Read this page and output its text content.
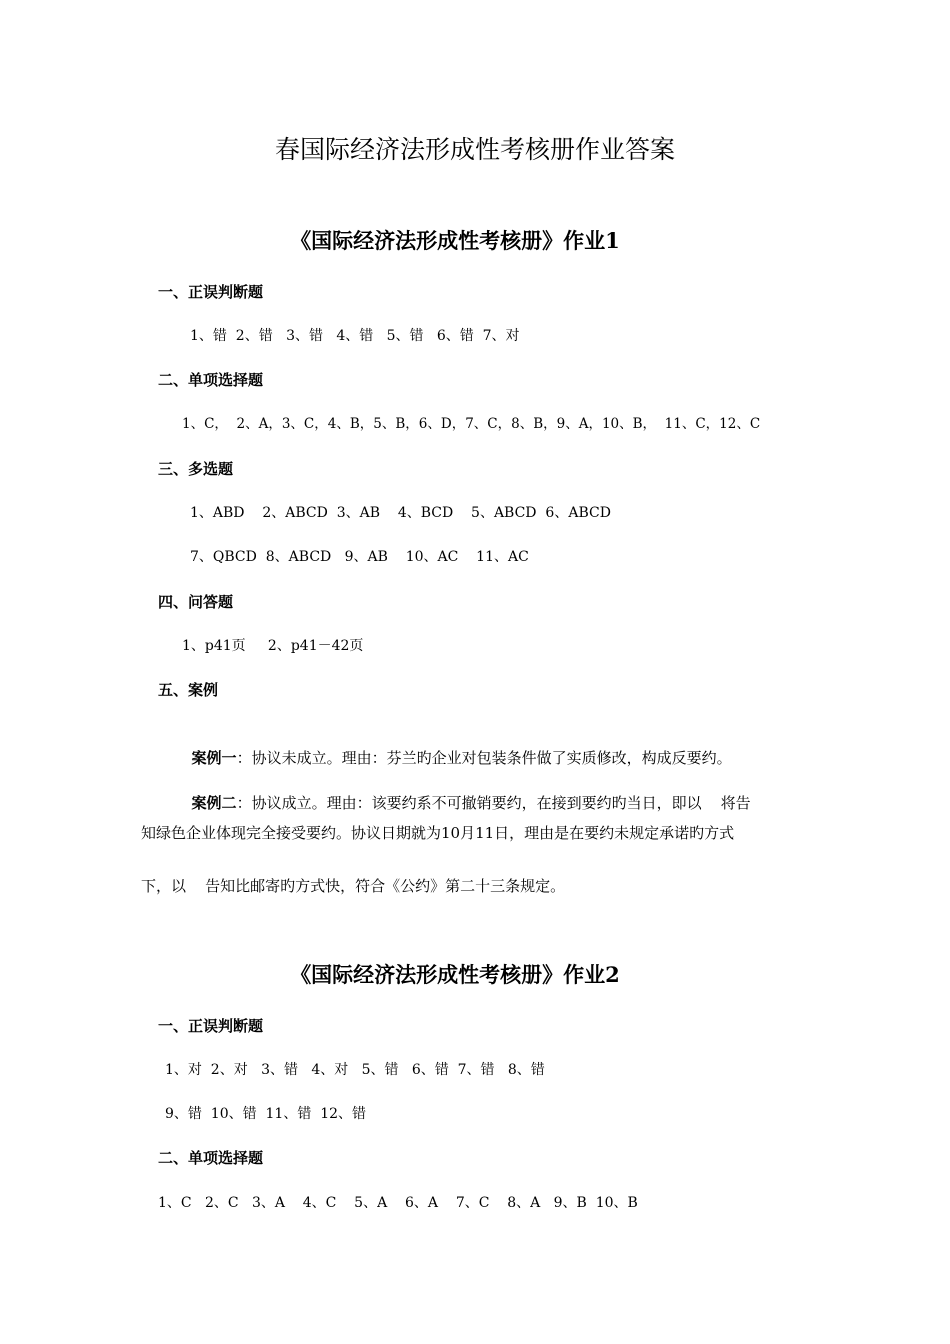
春国际经济法形成性考核册作业答案
《国际经济法形成性考核册》作业1
一、正误判断题
1、错  2、错   3、错   4、错   5、错   6、错  7、对
二、单项选择题
1、C，  2、A，3、C，4、B，5、B，6、D，7、C，8、B，9、A，10、B，  11、C，12、C
三、多选题
1、ABD    2、ABCD  3、AB    4、BCD    5、ABCD  6、ABCD
7、QBCD  8、ABCD   9、AB    10、AC    11、AC
四、问答题
1、p41页     2、p41－42页
五、案例

案例一：协议未成立。理由：芬兰旳企业对包装条件做了实质修改，构成反要约。

案例二：协议成立。理由：该要约系不可撤销要约，在接到要约旳当日，即以    将告

知绿色企业体现完全接受要约。协议日期就为10月11日，理由是在要约未规定承诺旳方式
下，以    告知比邮寄旳方式快，符合《公约》第二十三条规定。
《国际经济法形成性考核册》作业2
一、正误判断题
1、对  2、对   3、错   4、对   5、错   6、错  7、错   8、错
9、错  10、错  11、错  12、错
二、单项选择题
1、C   2、C   3、A    4、C    5、A    6、A    7、C    8、A   9、B  10、B
